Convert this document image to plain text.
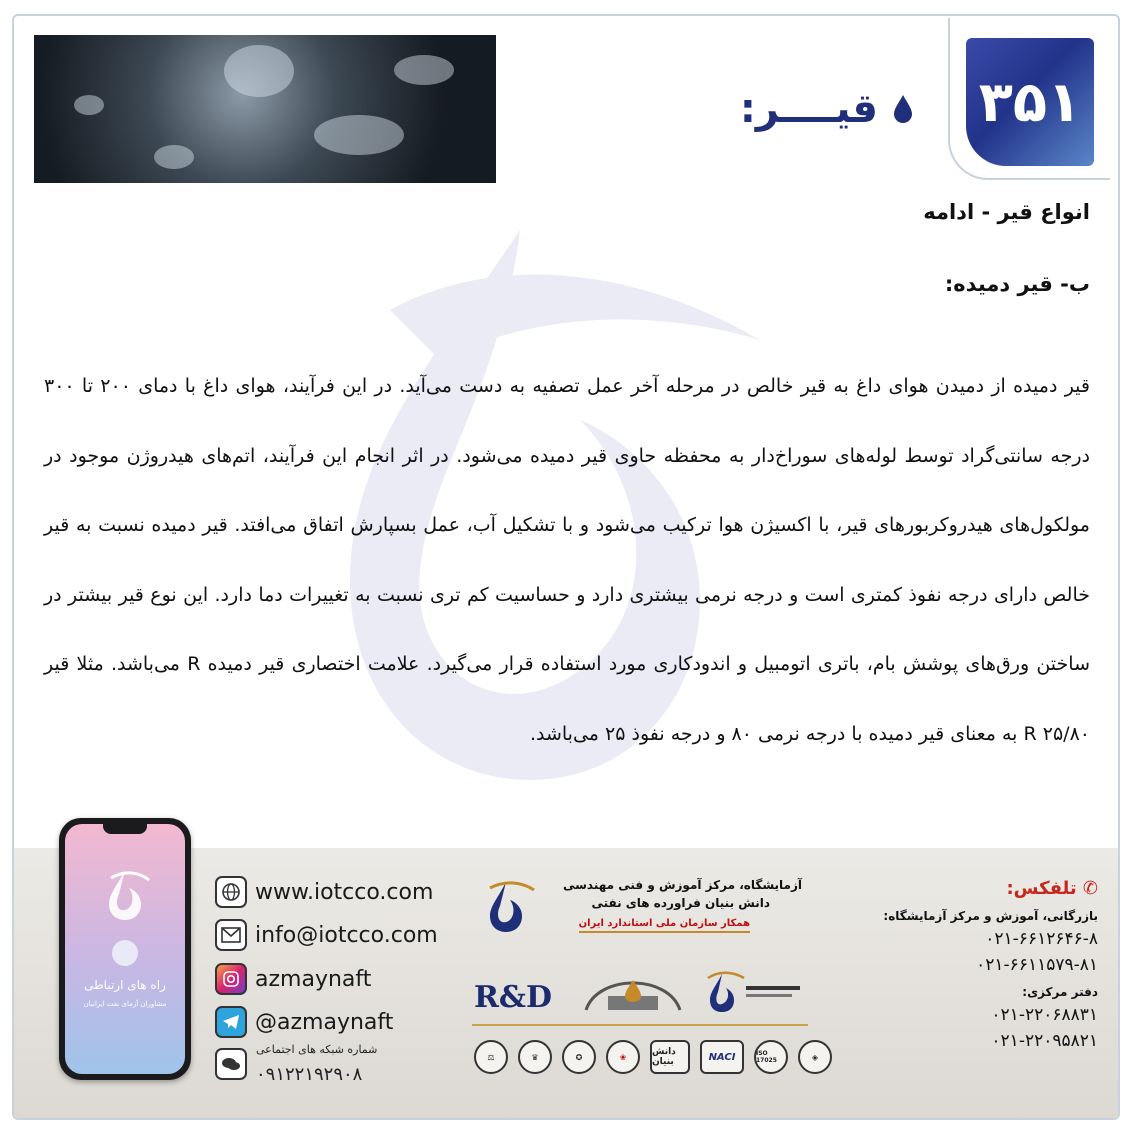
قیــــر: ۳۵۱
انواع قیر - ادامه
ب- قیر دمیده:
قیر دمیده از دمیدن هوای داغ به قیر خالص در مرحله آخر عمل تصفیه به دست می‌آید. در این فرآیند، هوای داغ با دمای ۲۰۰ تا ۳۰۰ درجه سانتی‌گراد توسط لوله‌های سوراخ‌دار به محفظه حاوی قیر دمیده می‌شود. در اثر انجام این فرآیند، اتم‌های هیدروژن موجود در مولکول‌های هیدروکربورهای قیر، با اکسیژن هوا ترکیب می‌شود و با تشکیل آب، عمل بسپارش اتفاق می‌افتد. قیر دمیده نسبت به قیر خالص دارای درجه نفوذ کمتری است و درجه نرمی بیشتری دارد و حساسیت کم تری نسبت به تغییرات دما دارد. این نوع قیر بیشتر در ساختن ورق‌های پوشش بام، باتری اتومبیل و اندودکاری مورد استفاده قرار می‌گیرد. علامت اختصاری قیر دمیده R می‌باشد. مثلا قیر ۲۵/۸۰ R به معنای قیر دمیده با درجه نرمی ۸۰ و درجه نفوذ ۲۵ می‌باشد.
راه های ارتباطی
مشاوران آزمای نفت ایرانیان
www.iotcco.com
info@iotcco.com
azmaynaft
@azmaynaft
شماره شبکه های اجتماعی
۰۹۱۲۲۱۹۲۹۰۸
آزمایشگاه، مرکز آموزش و فنی مهندسی
دانش بنیان فراورده های نفتی
همکار سازمان ملی استاندارد ایران
R&D
⚖	♛	✪	❀	دانش بنیان	NACI	ISO 17025	◈
✆ تلفکس:
بازرگانی، آموزش و مرکز آزمایشگاه:
۰۲۱-۶۶۱۲۶۴۶-۸
۰۲۱-۶۶۱۱۵۷۹-۸۱
دفتر مرکزی:
۰۲۱-۲۲۰۶۸۸۳۱
۰۲۱-۲۲۰۹۵۸۲۱
